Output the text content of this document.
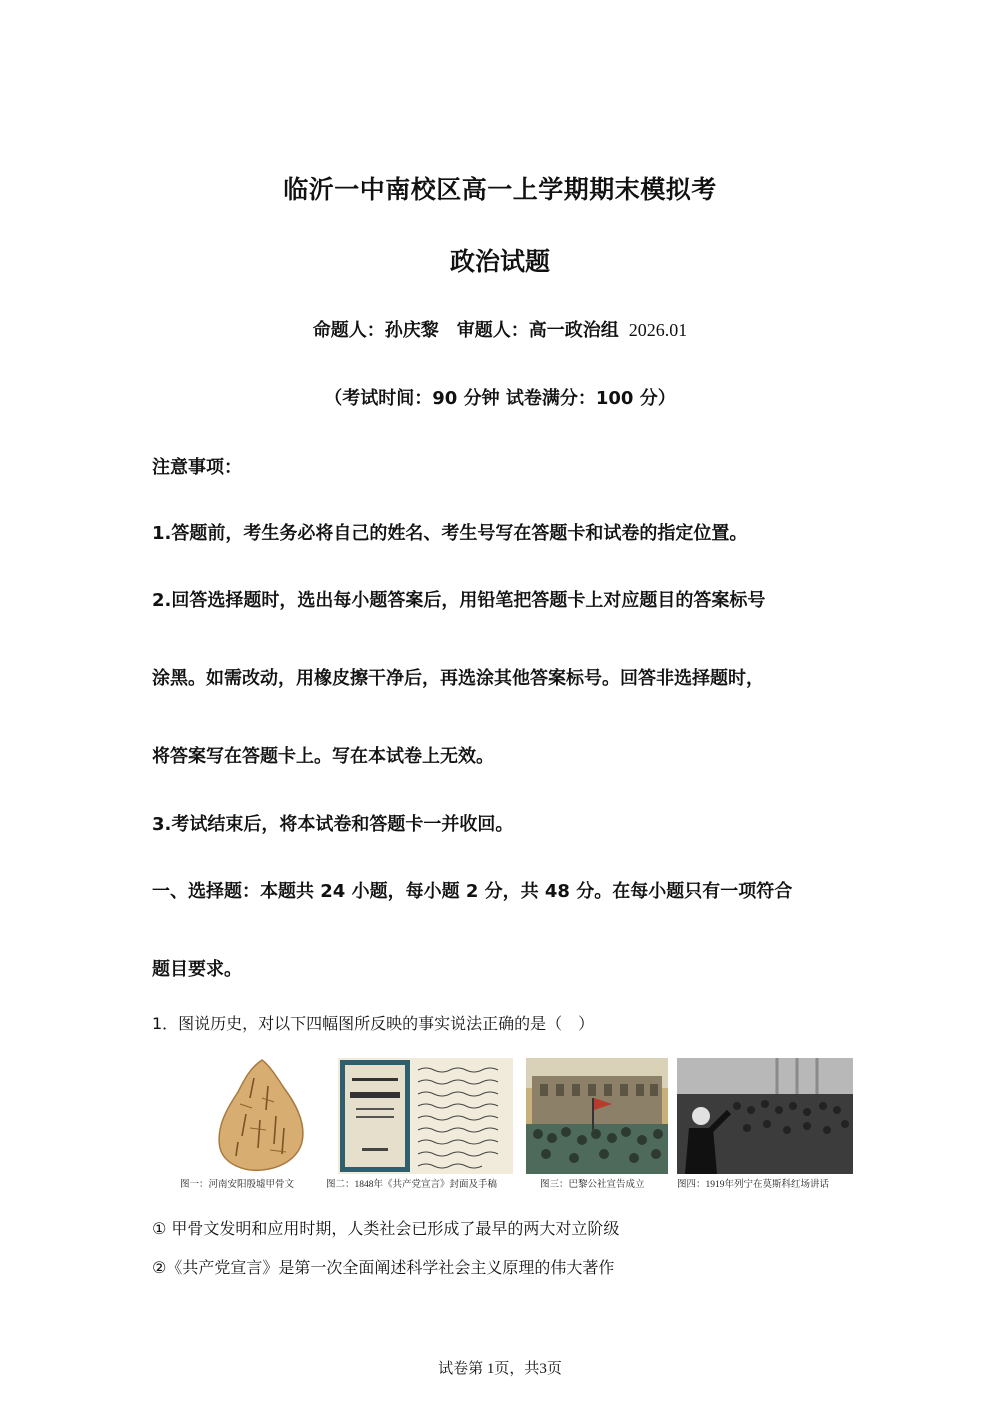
临沂一中南校区高一上学期期末模拟考
政治试题
命题人：孙庆黎　审题人：高一政治组 2026.01
（考试时间：90 分钟 试卷满分：100 分）
注意事项：
1.答题前，考生务必将自己的姓名、考生号写在答题卡和试卷的指定位置。
2.回答选择题时，选出每小题答案后，用铅笔把答题卡上对应题目的答案标号
涂黑。如需改动，用橡皮擦干净后，再选涂其他答案标号。回答非选择题时，
将答案写在答题卡上。写在本试卷上无效。
3.考试结束后，将本试卷和答题卡一并收回。
一、选择题：本题共 24 小题，每小题 2 分，共 48 分。在每小题只有一项符合
题目要求。
1．图说历史，对以下四幅图所反映的事实说法正确的是（　）
图一：河南安阳殷墟甲骨文	图二：1848年《共产党宣言》封面及手稿	图三：巴黎公社宣告成立	图四：1919年列宁在莫斯科红场讲话
① 甲骨文发明和应用时期，人类社会已形成了最早的两大对立阶级
②《共产党宣言》是第一次全面阐述科学社会主义原理的伟大著作
试卷第 1页，共3页
